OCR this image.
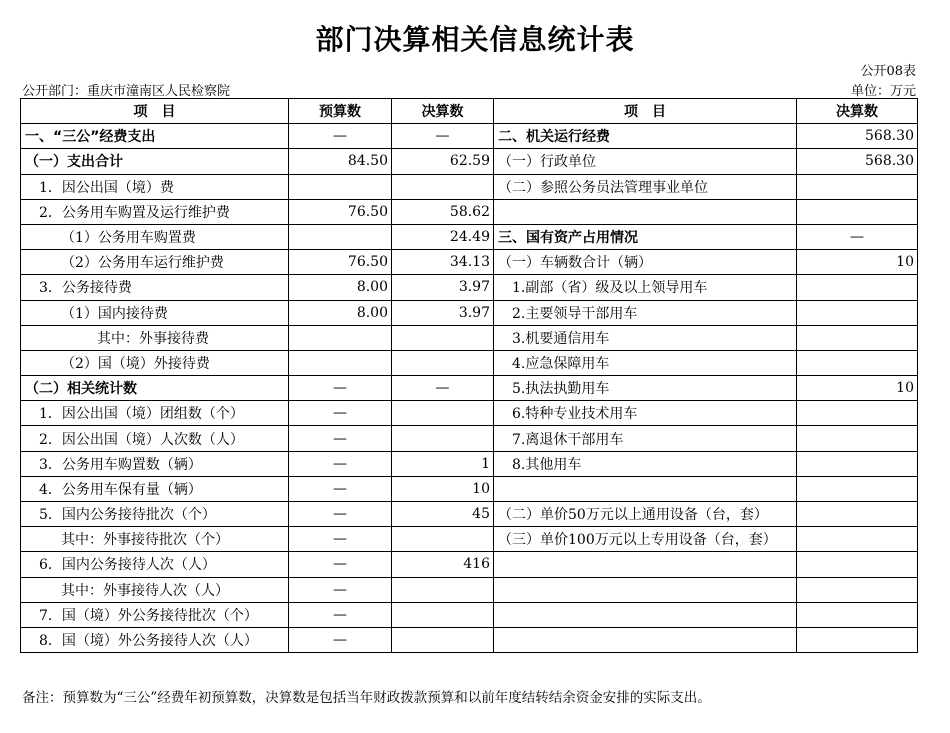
部门决算相关信息统计表
公开08表
公开部门：重庆市潼南区人民检察院	单位：万元
项　目	预算数	决算数	项　目	决算数
一、“三公”经费支出	—	—	二、机关运行经费	568.30
（一）支出合计	84.50	62.59	（一）行政单位	568.30
1．因公出国（境）费			（二）参照公务员法管理事业单位	
2．公务用车购置及运行维护费	76.50	58.62		
（1）公务用车购置费		24.49	三、国有资产占用情况	—
（2）公务用车运行维护费	76.50	34.13	（一）车辆数合计（辆）	10
3．公务接待费	8.00	3.97	1.副部（省）级及以上领导用车	
（1）国内接待费	8.00	3.97	2.主要领导干部用车	
其中：外事接待费			3.机要通信用车	
（2）国（境）外接待费			4.应急保障用车	
（二）相关统计数	—	—	5.执法执勤用车	10
1．因公出国（境）团组数（个）	—		6.特种专业技术用车	
2．因公出国（境）人次数（人）	—		7.离退休干部用车	
3．公务用车购置数（辆）	—	1	8.其他用车	
4．公务用车保有量（辆）	—	10		
5．国内公务接待批次（个）	—	45	（二）单价50万元以上通用设备（台，套）	
其中：外事接待批次（个）	—		（三）单价100万元以上专用设备（台，套）	
6．国内公务接待人次（人）	—	416		
其中：外事接待人次（人）	—			
7．国（境）外公务接待批次（个）	—			
8．国（境）外公务接待人次（人）	—			
备注：预算数为“三公”经费年初预算数，决算数是包括当年财政拨款预算和以前年度结转结余资金安排的实际支出。
